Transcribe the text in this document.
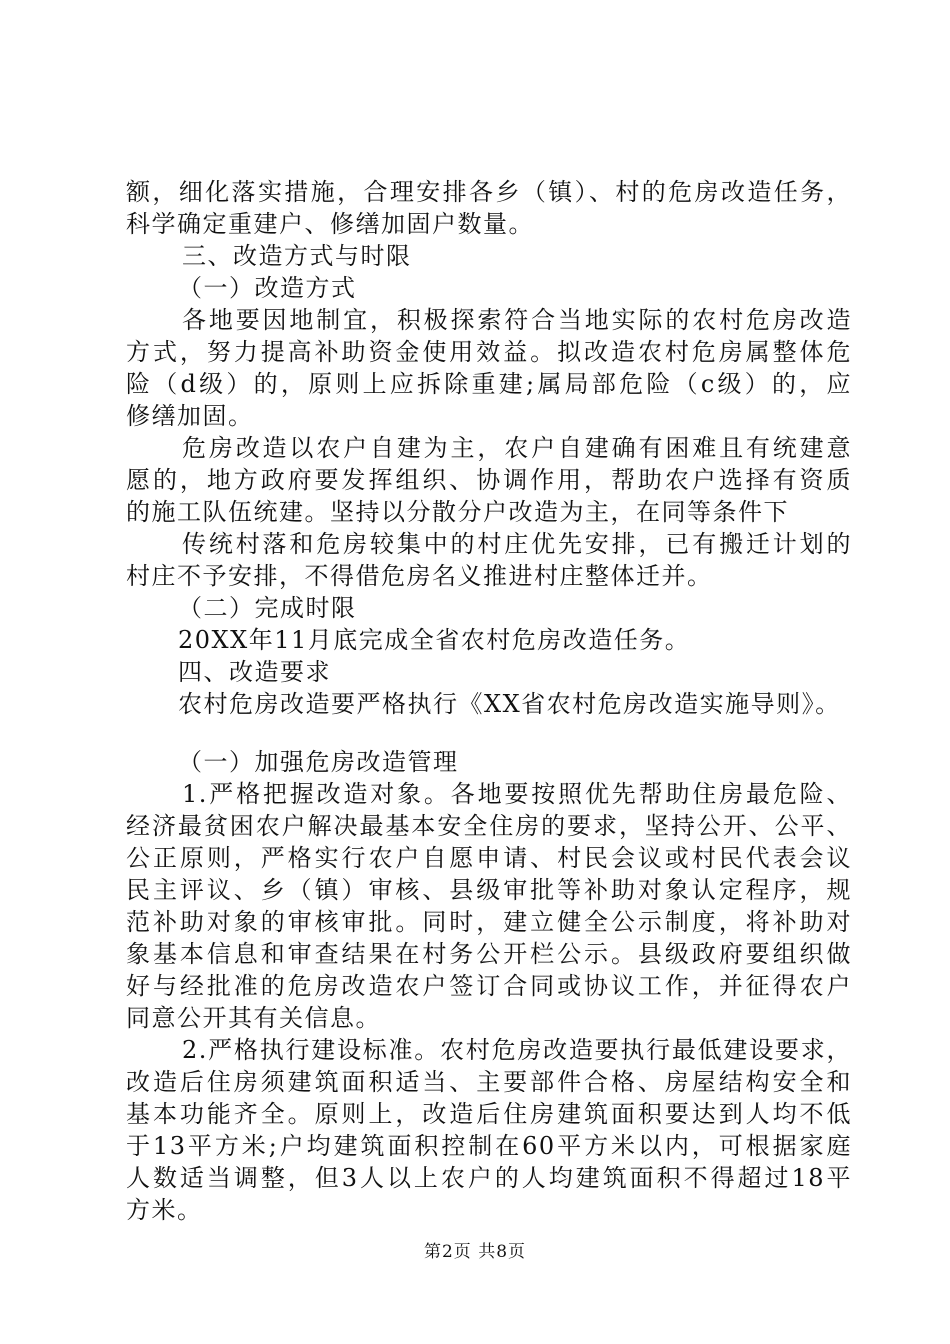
额，细化落实措施，合理安排各乡（镇）、村的危房改造任务，
科学确定重建户、修缮加固户数量。
三、改造方式与时限
（一）改造方式
各地要因地制宜，积极探索符合当地实际的农村危房改造
方式，努力提高补助资金使用效益。拟改造农村危房属整体危
险（d级）的，原则上应拆除重建;属局部危险（c级）的，应
修缮加固。
危房改造以农户自建为主，农户自建确有困难且有统建意
愿的，地方政府要发挥组织、协调作用，帮助农户选择有资质
的施工队伍统建。坚持以分散分户改造为主，在同等条件下
传统村落和危房较集中的村庄优先安排，已有搬迁计划的
村庄不予安排，不得借危房名义推进村庄整体迁并。
（二）完成时限
20XX年11月底完成全省农村危房改造任务。
四、改造要求
农村危房改造要严格执行《XX省农村危房改造实施导则》。
（一）加强危房改造管理
1.严格把握改造对象。各地要按照优先帮助住房最危险、
经济最贫困农户解决最基本安全住房的要求，坚持公开、公平、
公正原则，严格实行农户自愿申请、村民会议或村民代表会议
民主评议、乡（镇）审核、县级审批等补助对象认定程序，规
范补助对象的审核审批。同时，建立健全公示制度，将补助对
象基本信息和审查结果在村务公开栏公示。县级政府要组织做
好与经批准的危房改造农户签订合同或协议工作，并征得农户
同意公开其有关信息。
2.严格执行建设标准。农村危房改造要执行最低建设要求，
改造后住房须建筑面积适当、主要部件合格、房屋结构安全和
基本功能齐全。原则上，改造后住房建筑面积要达到人均不低
于13平方米;户均建筑面积控制在60平方米以内，可根据家庭
人数适当调整，但3人以上农户的人均建筑面积不得超过18平
方米。
第2页 共8页
